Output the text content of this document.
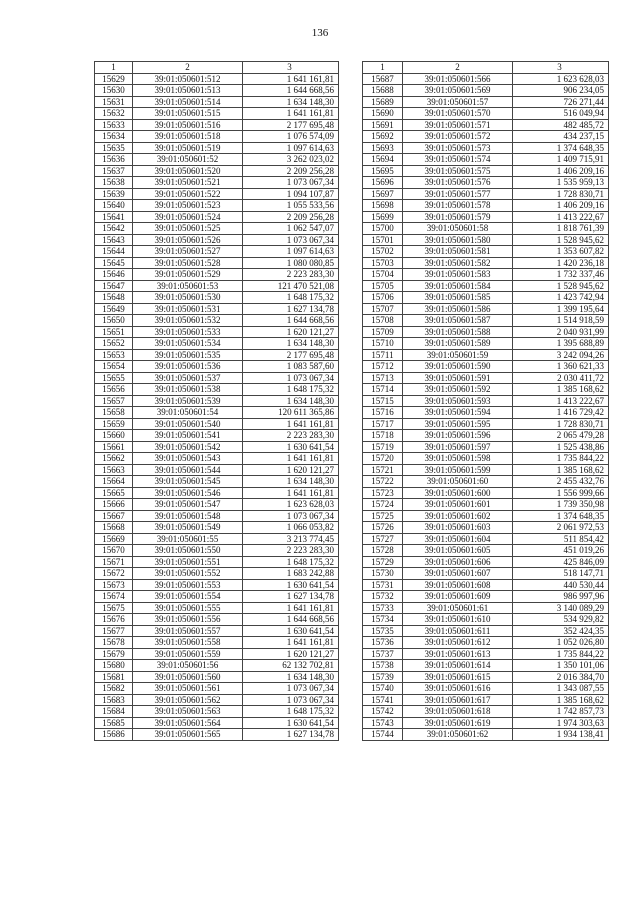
136
1	2	3
15629	39:01:050601:512	1 641 161,81
15630	39:01:050601:513	1 644 668,56
15631	39:01:050601:514	1 634 148,30
15632	39:01:050601:515	1 641 161,81
15633	39:01:050601:516	2 177 695,48
15634	39:01:050601:518	1 076 574,09
15635	39:01:050601:519	1 097 614,63
15636	39:01:050601:52	3 262 023,02
15637	39:01:050601:520	2 209 256,28
15638	39:01:050601:521	1 073 067,34
15639	39:01:050601:522	1 094 107,87
15640	39:01:050601:523	1 055 533,56
15641	39:01:050601:524	2 209 256,28
15642	39:01:050601:525	1 062 547,07
15643	39:01:050601:526	1 073 067,34
15644	39:01:050601:527	1 097 614,63
15645	39:01:050601:528	1 080 080,85
15646	39:01:050601:529	2 223 283,30
15647	39:01:050601:53	121 470 521,08
15648	39:01:050601:530	1 648 175,32
15649	39:01:050601:531	1 627 134,78
15650	39:01:050601:532	1 644 668,56
15651	39:01:050601:533	1 620 121,27
15652	39:01:050601:534	1 634 148,30
15653	39:01:050601:535	2 177 695,48
15654	39:01:050601:536	1 083 587,60
15655	39:01:050601:537	1 073 067,34
15656	39:01:050601:538	1 648 175,32
15657	39:01:050601:539	1 634 148,30
15658	39:01:050601:54	120 611 365,86
15659	39:01:050601:540	1 641 161,81
15660	39:01:050601:541	2 223 283,30
15661	39:01:050601:542	1 630 641,54
15662	39:01:050601:543	1 641 161,81
15663	39:01:050601:544	1 620 121,27
15664	39:01:050601:545	1 634 148,30
15665	39:01:050601:546	1 641 161,81
15666	39:01:050601:547	1 623 628,03
15667	39:01:050601:548	1 073 067,34
15668	39:01:050601:549	1 066 053,82
15669	39:01:050601:55	3 213 774,45
15670	39:01:050601:550	2 223 283,30
15671	39:01:050601:551	1 648 175,32
15672	39:01:050601:552	1 683 242,88
15673	39:01:050601:553	1 630 641,54
15674	39:01:050601:554	1 627 134,78
15675	39:01:050601:555	1 641 161,81
15676	39:01:050601:556	1 644 668,56
15677	39:01:050601:557	1 630 641,54
15678	39:01:050601:558	1 641 161,81
15679	39:01:050601:559	1 620 121,27
15680	39:01:050601:56	62 132 702,81
15681	39:01:050601:560	1 634 148,30
15682	39:01:050601:561	1 073 067,34
15683	39:01:050601:562	1 073 067,34
15684	39:01:050601:563	1 648 175,32
15685	39:01:050601:564	1 630 641,54
15686	39:01:050601:565	1 627 134,78
1	2	3
15687	39:01:050601:566	1 623 628,03
15688	39:01:050601:569	906 234,05
15689	39:01:050601:57	726 271,44
15690	39:01:050601:570	516 049,94
15691	39:01:050601:571	482 485,72
15692	39:01:050601:572	434 237,15
15693	39:01:050601:573	1 374 648,35
15694	39:01:050601:574	1 409 715,91
15695	39:01:050601:575	1 406 209,16
15696	39:01:050601:576	1 535 959,13
15697	39:01:050601:577	1 728 830,71
15698	39:01:050601:578	1 406 209,16
15699	39:01:050601:579	1 413 222,67
15700	39:01:050601:58	1 818 761,39
15701	39:01:050601:580	1 528 945,62
15702	39:01:050601:581	1 353 607,82
15703	39:01:050601:582	1 420 236,18
15704	39:01:050601:583	1 732 337,46
15705	39:01:050601:584	1 528 945,62
15706	39:01:050601:585	1 423 742,94
15707	39:01:050601:586	1 399 195,64
15708	39:01:050601:587	1 514 918,59
15709	39:01:050601:588	2 040 931,99
15710	39:01:050601:589	1 395 688,89
15711	39:01:050601:59	3 242 094,26
15712	39:01:050601:590	1 360 621,33
15713	39:01:050601:591	2 030 411,72
15714	39:01:050601:592	1 385 168,62
15715	39:01:050601:593	1 413 222,67
15716	39:01:050601:594	1 416 729,42
15717	39:01:050601:595	1 728 830,71
15718	39:01:050601:596	2 065 479,28
15719	39:01:050601:597	1 525 438,86
15720	39:01:050601:598	1 735 844,22
15721	39:01:050601:599	1 385 168,62
15722	39:01:050601:60	2 455 432,76
15723	39:01:050601:600	1 556 999,66
15724	39:01:050601:601	1 739 350,98
15725	39:01:050601:602	1 374 648,35
15726	39:01:050601:603	2 061 972,53
15727	39:01:050601:604	511 854,42
15728	39:01:050601:605	451 019,26
15729	39:01:050601:606	425 846,09
15730	39:01:050601:607	518 147,71
15731	39:01:050601:608	440 530,44
15732	39:01:050601:609	986 997,96
15733	39:01:050601:61	3 140 089,29
15734	39:01:050601:610	534 929,82
15735	39:01:050601:611	352 424,35
15736	39:01:050601:612	1 052 026,80
15737	39:01:050601:613	1 735 844,22
15738	39:01:050601:614	1 350 101,06
15739	39:01:050601:615	2 016 384,70
15740	39:01:050601:616	1 343 087,55
15741	39:01:050601:617	1 385 168,62
15742	39:01:050601:618	1 742 857,73
15743	39:01:050601:619	1 974 303,63
15744	39:01:050601:62	1 934 138,41
